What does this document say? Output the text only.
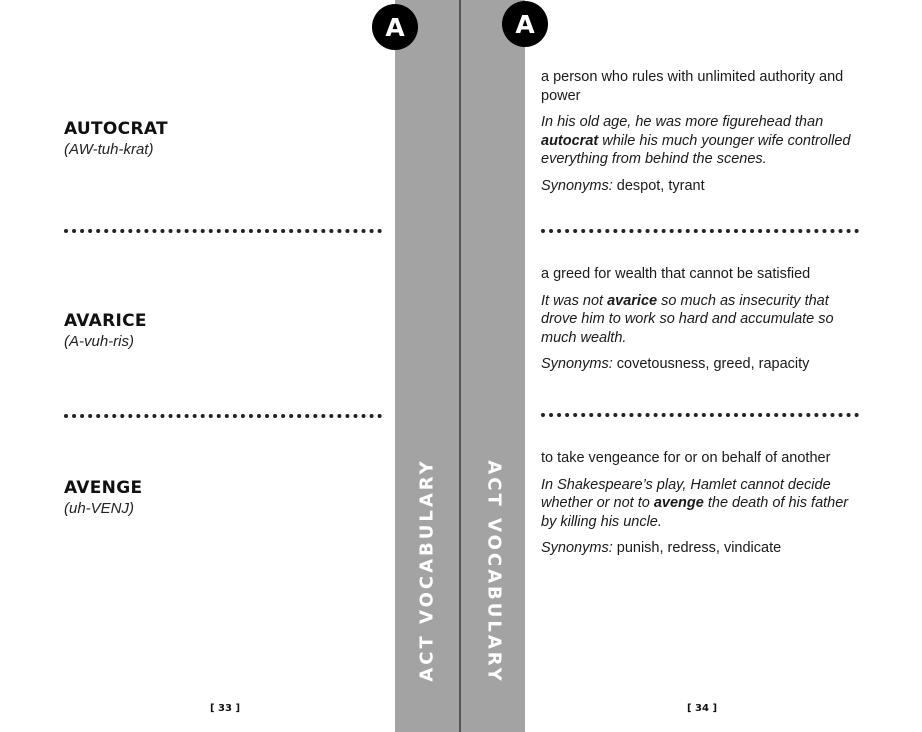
ACT VOCABULARY
A
AUTOCRAT
(AW-tuh-krat)
AVARICE
(A-vuh-ris)
AVENGE
(uh-VENJ)
[ 33 ]
ACT VOCABULARY
A

a person who rules with unlimited authority and power

In his old age, he was more figurehead than autocrat while his much younger wife controlled everything from behind the scenes.

Synonyms: despot, tyrant

a greed for wealth that cannot be satisfied

It was not avarice so much as insecurity that drove him to work so hard and accumulate so much wealth.

Synonyms: covetousness, greed, rapacity

to take vengeance for or on behalf of another

In Shakespeare’s play, Hamlet cannot decide whether or not to avenge the death of his father by killing his uncle.

Synonyms: punish, redress, vindicate

[ 34 ]
